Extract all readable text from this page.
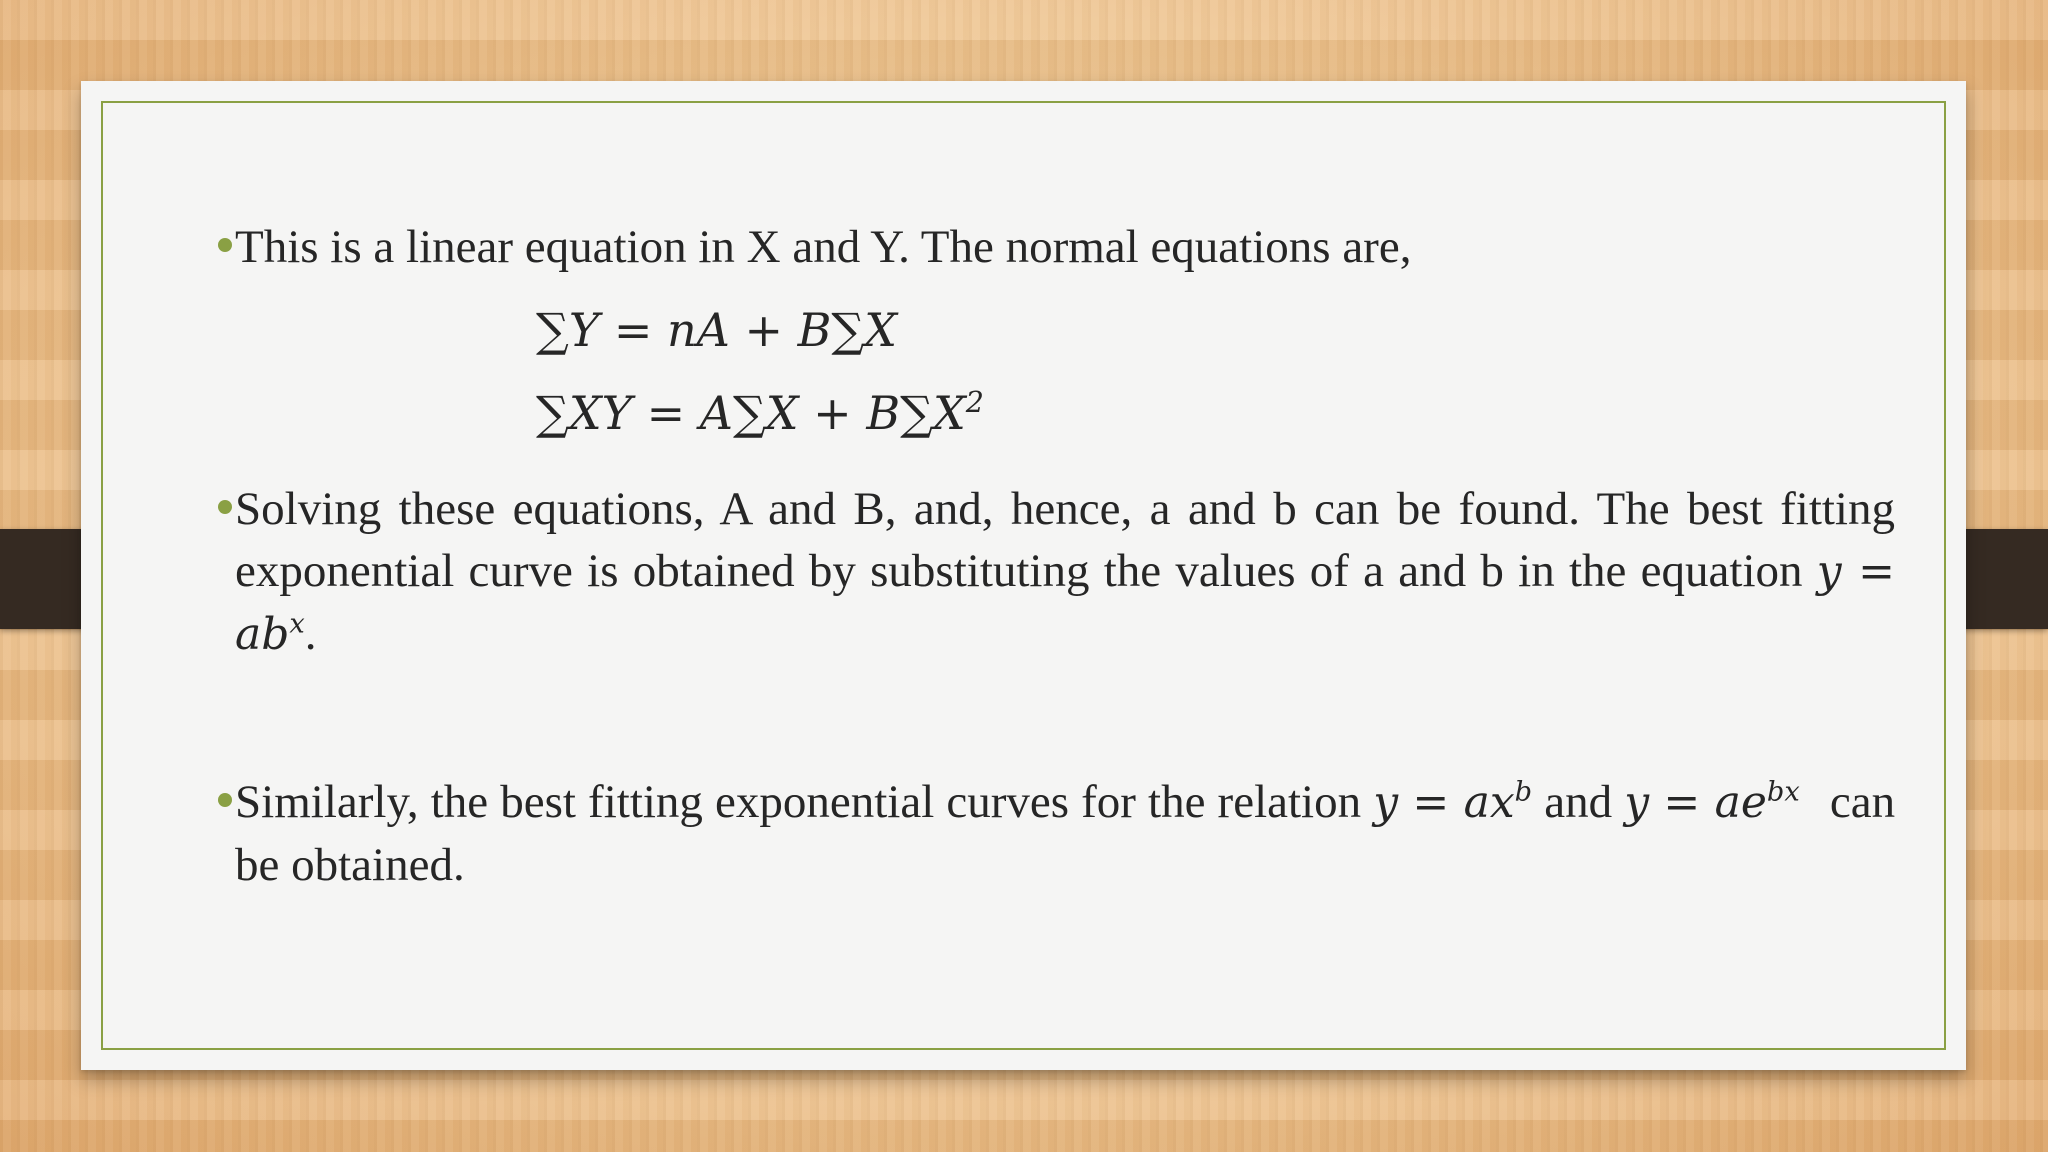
This is a linear equation in X and Y. The normal equations are,
∑Y = nA + B∑X
$\sum XY = A\sum X + B\sum X^2$
Solving these equations, A and B, and, hence, a and b can be found. The best fitting exponential curve is obtained by substituting the values of a and b in the equation $y = ab^x$.
Similarly, the best fitting exponential curves for the relation $y = ax^b$ and $y = ae^{bx}$ can be obtained.
